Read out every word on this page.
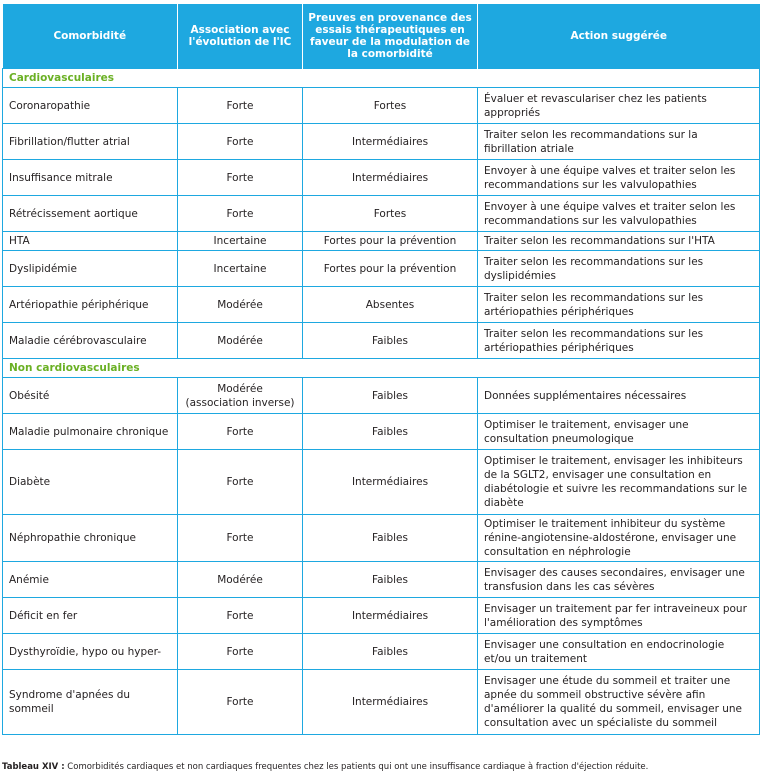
Comorbidité	Association avec l'évolution de l'IC	Preuves en provenance des essais thérapeutiques en faveur de la modulation de la comorbidité	Action suggérée
Cardiovasculaires			
Coronaropathie	Forte	Fortes	Évaluer et revasculariser chez les patients appropriés
Fibrillation/flutter atrial	Forte	Intermédiaires	Traiter selon les recommandations sur la fibrillation atriale
Insuffisance mitrale	Forte	Intermédiaires	Envoyer à une équipe valves et traiter selon les recommandations sur les valvulopathies
Rétrécissement aortique	Forte	Fortes	Envoyer à une équipe valves et traiter selon les recommandations sur les valvulopathies
HTA	Incertaine	Fortes pour la prévention	Traiter selon les recommandations sur l'HTA
Dyslipidémie	Incertaine	Fortes pour la prévention	Traiter selon les recommandations sur les dyslipidémies
Artériopathie périphérique	Modérée	Absentes	Traiter selon les recommandations sur les artériopathies périphériques
Maladie cérébrovasculaire	Modérée	Faibles	Traiter selon les recommandations sur les artériopathies périphériques
Non cardiovasculaires			
Obésité	Modérée (association inverse)	Faibles	Données supplémentaires nécessaires
Maladie pulmonaire chronique	Forte	Faibles	Optimiser le traitement, envisager une consultation pneumologique
Diabète	Forte	Intermédiaires	Optimiser le traitement, envisager les inhibiteurs de la SGLT2, envisager une consultation en diabétologie et suivre les recommandations sur le diabète
Néphropathie chronique	Forte	Faibles	Optimiser le traitement inhibiteur du système rénine-angiotensine-aldostérone, envisager une consultation en néphrologie
Anémie	Modérée	Faibles	Envisager des causes secondaires, envisager une transfusion dans les cas sévères
Déficit en fer	Forte	Intermédiaires	Envisager un traitement par fer intraveineux pour l'amélioration des symptômes
Dysthyroïdie, hypo ou hyper-	Forte	Faibles	Envisager une consultation en endocrinologie et/ou un traitement
Syndrome d'apnées du sommeil	Forte	Intermédiaires	Envisager une étude du sommeil et traiter une apnée du sommeil obstructive sévère afin d'améliorer la qualité du sommeil, envisager une consultation avec un spécialiste du sommeil
Tableau XIV : Comorbidités cardiaques et non cardiaques frequentes chez les patients qui ont une insuffisance cardiaque à fraction d'éjection réduite.
